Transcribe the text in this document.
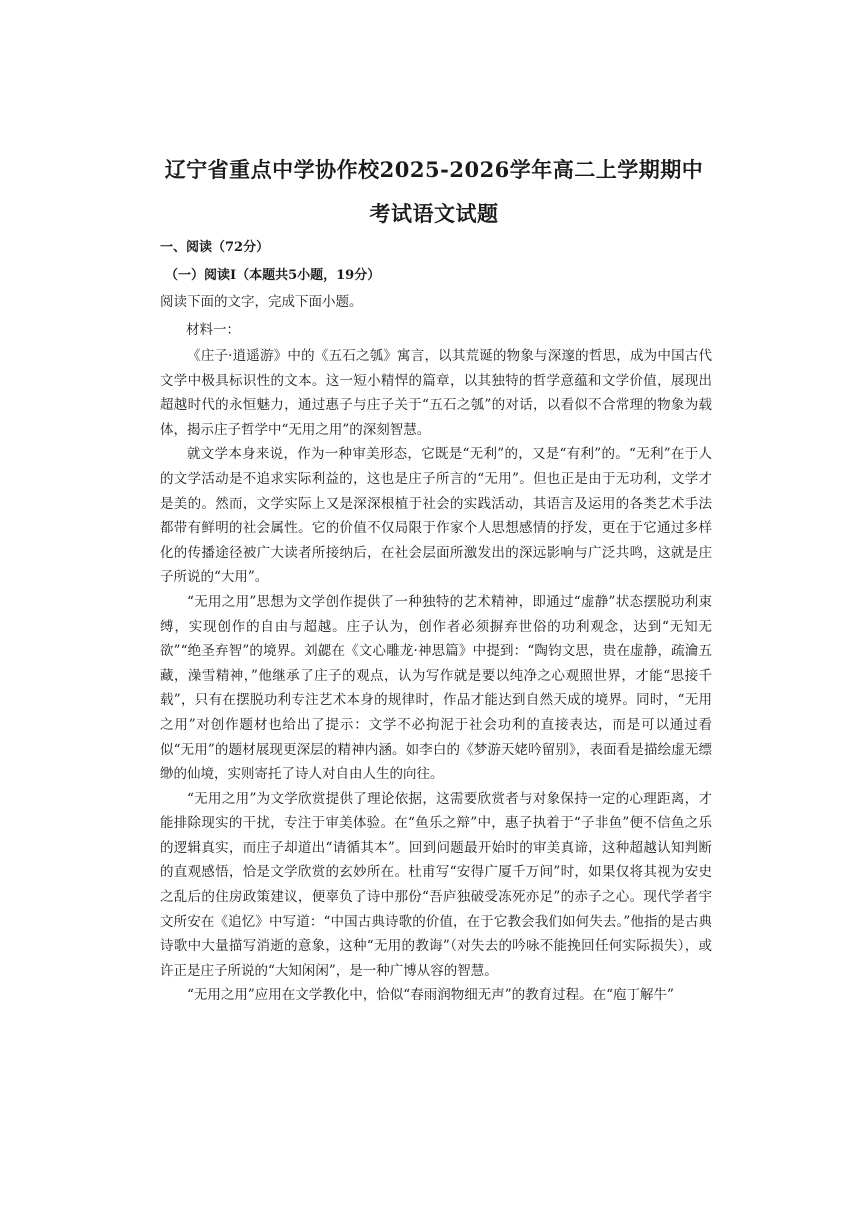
辽宁省重点中学协作校2025-2026学年高二上学期期中
考试语文试题
一、阅读（72分）
（一）阅读Ⅰ（本题共5小题，19分）
阅读下面的文字，完成下面小题。
材料一：

《庄子·逍遥游》中的《五石之瓠》寓言，以其荒诞的物象与深邃的哲思，成为中国古代文学中极具标识性的文本。这一短小精悍的篇章，以其独特的哲学意蕴和文学价值，展现出超越时代的永恒魅力，通过惠子与庄子关于“五石之瓠”的对话，以看似不合常理的物象为载体，揭示庄子哲学中“无用之用”的深刻智慧。

就文学本身来说，作为一种审美形态，它既是“无利”的，又是“有利”的。“无利”在于人的文学活动是不追求实际利益的，这也是庄子所言的“无用”。但也正是由于无功利，文学才是美的。然而，文学实际上又是深深根植于社会的实践活动，其语言及运用的各类艺术手法都带有鲜明的社会属性。它的价值不仅局限于作家个人思想感情的抒发，更在于它通过多样化的传播途径被广大读者所接纳后，在社会层面所激发出的深远影响与广泛共鸣，这就是庄子所说的“大用”。

“无用之用”思想为文学创作提供了一种独特的艺术精神，即通过“虚静”状态摆脱功利束缚，实现创作的自由与超越。庄子认为，创作者必须摒弃世俗的功利观念，达到“无知无欲”“绝圣弃智”的境界。刘勰在《文心雕龙·神思篇》中提到：“陶钧文思，贵在虚静，疏瀹五藏，澡雪精神，”他继承了庄子的观点，认为写作就是要以纯净之心观照世界，才能“思接千载”，只有在摆脱功利专注艺术本身的规律时，作品才能达到自然天成的境界。同时，“无用之用”对创作题材也给出了提示：文学不必拘泥于社会功利的直接表达，而是可以通过看似“无用”的题材展现更深层的精神内涵。如李白的《梦游天姥吟留别》，表面看是描绘虚无缥缈的仙境，实则寄托了诗人对自由人生的向往。

“无用之用”为文学欣赏提供了理论依据，这需要欣赏者与对象保持一定的心理距离，才能排除现实的干扰，专注于审美体验。在“鱼乐之辩”中，惠子执着于“子非鱼”便不信鱼之乐的逻辑真实，而庄子却道出“请循其本”。回到问题最开始时的审美真谛，这种超越认知判断的直观感悟，恰是文学欣赏的玄妙所在。杜甫写“安得广厦千万间”时，如果仅将其视为安史之乱后的住房政策建议，便辜负了诗中那份“吾庐独破受冻死亦足”的赤子之心。现代学者宇文所安在《追忆》中写道：“中国古典诗歌的价值，在于它教会我们如何失去。”他指的是古典诗歌中大量描写消逝的意象，这种“无用的教诲”（对失去的吟咏不能挽回任何实际损失），或许正是庄子所说的“大知闲闲”，是一种广博从容的智慧。

“无用之用”应用在文学教化中，恰似“春雨润物细无声”的教育过程。在“庖丁解牛”
